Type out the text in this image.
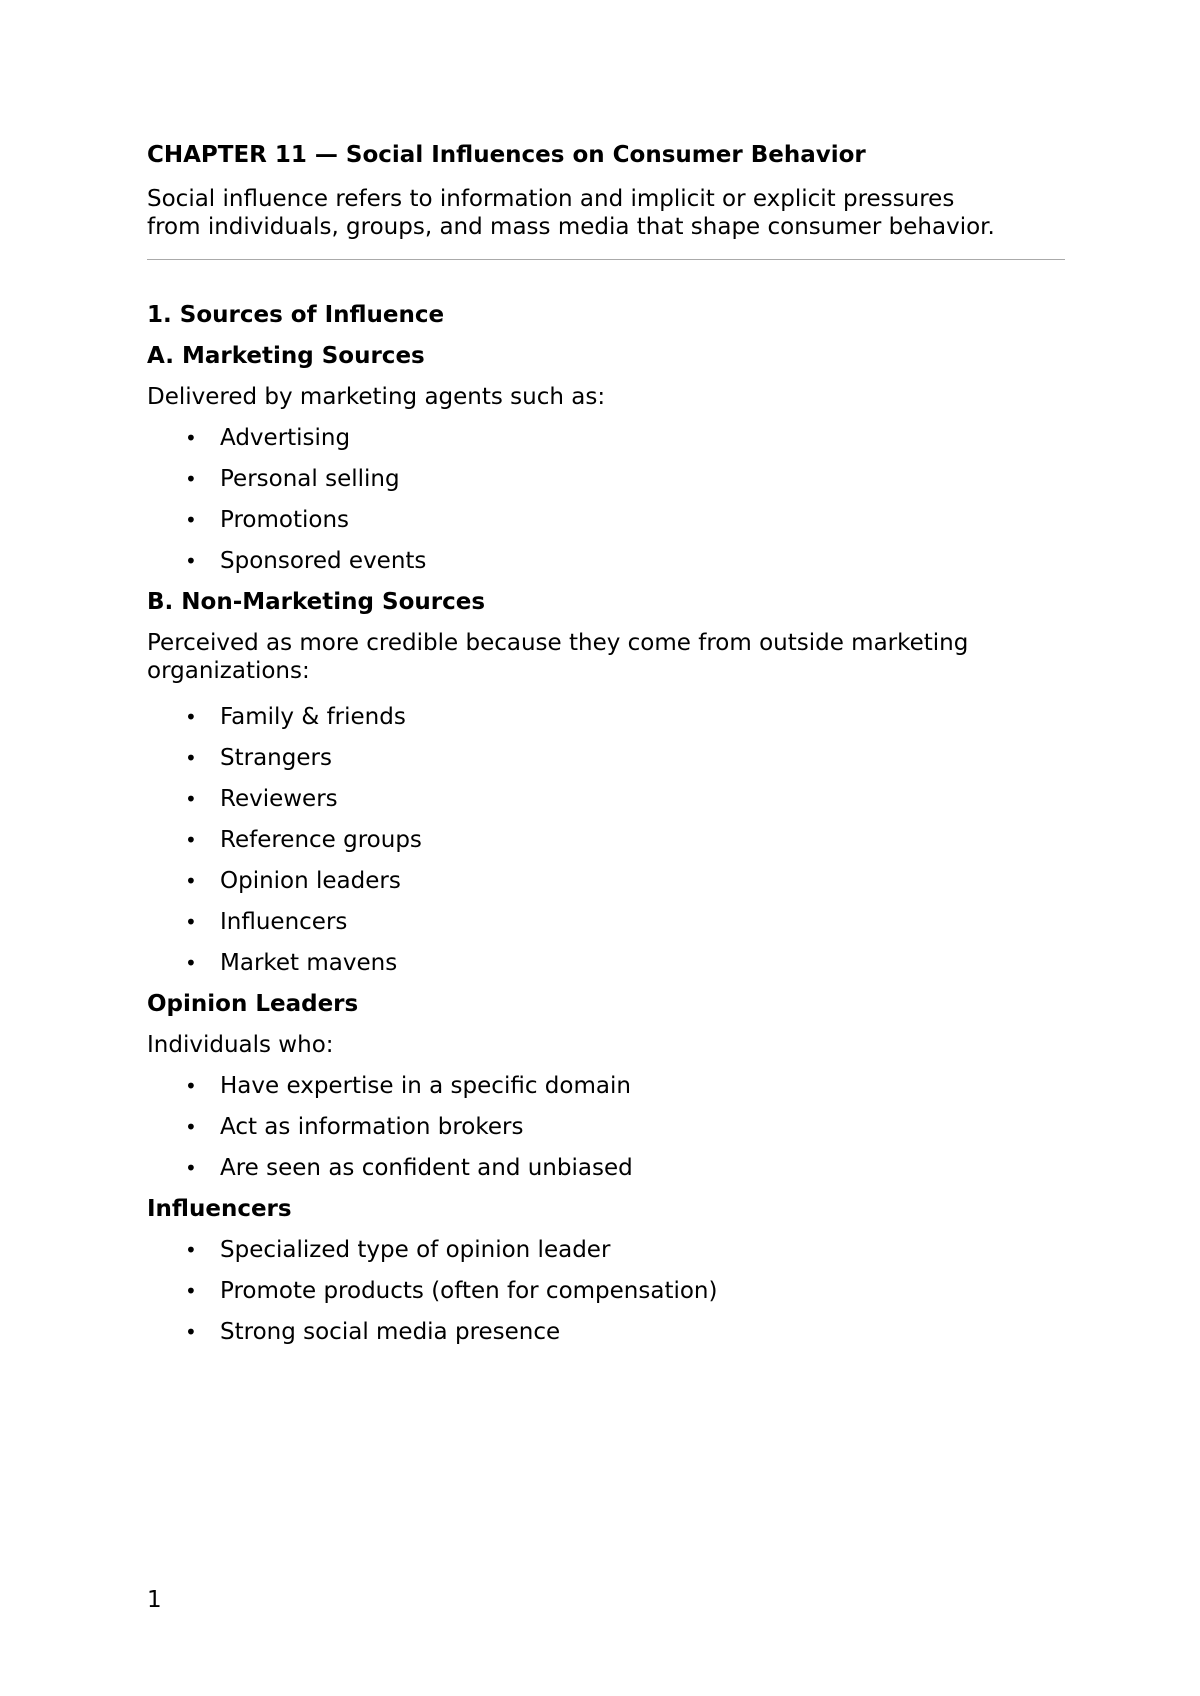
CHAPTER 11 — Social Influences on Consumer Behavior
Social influence refers to information and implicit or explicit pressures
from individuals, groups, and mass media that shape consumer behavior.
1. Sources of Influence
A. Marketing Sources

Delivered by marketing agents such as:

• Advertising
• Personal selling
• Promotions
• Sponsored events
B. Non-Marketing Sources
Perceived as more credible because they come from outside marketing
organizations:
• Family & friends
• Strangers
• Reviewers
• Reference groups
• Opinion leaders
• Influencers
• Market mavens
Opinion Leaders

Individuals who:

• Have expertise in a specific domain
• Act as information brokers
• Are seen as confident and unbiased
Influencers
• Specialized type of opinion leader
• Promote products (often for compensation)
• Strong social media presence
1
